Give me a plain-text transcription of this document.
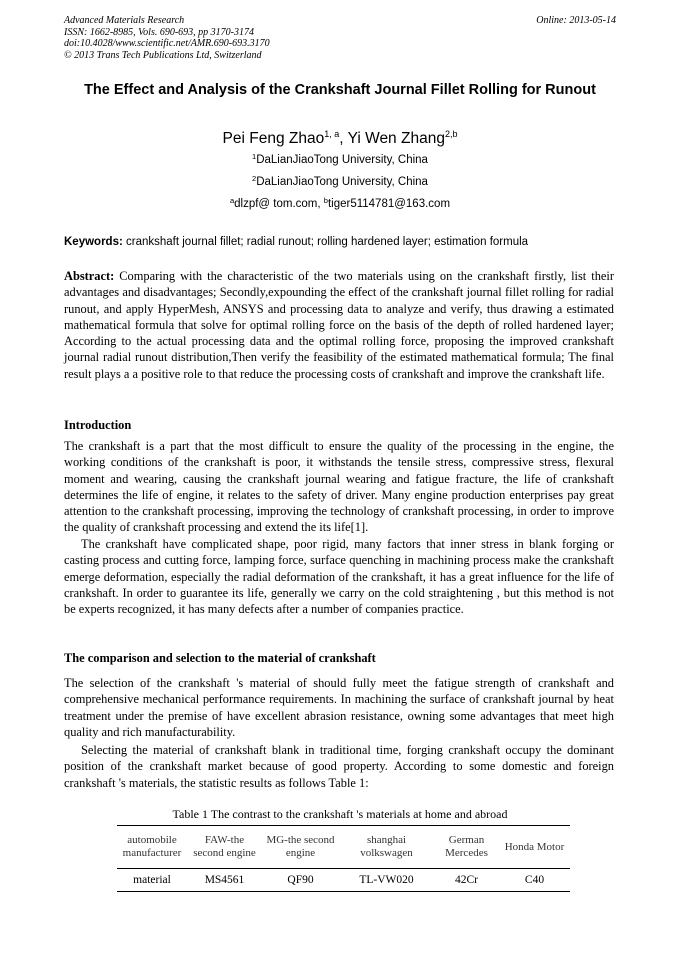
Advanced Materials Research
ISSN: 1662-8985, Vols. 690-693, pp 3170-3174
doi:10.4028/www.scientific.net/AMR.690-693.3170
© 2013 Trans Tech Publications Ltd, Switzerland
Online: 2013-05-14
The Effect and Analysis of the Crankshaft Journal Fillet Rolling for Runout
Pei Feng Zhao$^{1, a}$, Yi Wen Zhang$^{2,b}$
$^1$DaLianJiaoTong University, China
$^2$DaLianJiaoTong University, China
$^a$dlzpf@ tom.com, $^b$tiger5114781@163.com
Keywords: crankshaft journal fillet; radial runout; rolling hardened layer; estimation formula
Abstract: Comparing with the characteristic of the two materials using on the crankshaft firstly, list their advantages and disadvantages; Secondly,expounding the effect of the crankshaft journal fillet rolling for radial runout, and apply HyperMesh, ANSYS and processing data to analyze and verify, thus drawing a estimated mathematical formula that solve for optimal rolling force on the basis of the depth of rolled hardened layer; According to the actual processing data and the optimal rolling force, proposing the improved crankshaft journal radial runout distribution,Then verify the feasibility of the estimated mathematical formula; The final result plays a a positive role to that reduce the processing costs of crankshaft and improve the crankshaft life.
Introduction
The crankshaft is a part that the most difficult to ensure the quality of the processing in the engine, the working conditions of the crankshaft is poor, it withstands the tensile stress, compressive stress, flexural moment and wearing, causing the crankshaft journal wearing and fatigue fracture, the life of crankshaft determines the life of engine, it relates to the safety of driver. Many engine production enterprises pay great attention to the crankshaft processing, improving the technology of crankshaft processing, in order to improve the quality of crankshaft processing and extend the its life[1].
The crankshaft have complicated shape, poor rigid, many factors that inner stress in blank forging or casting process and cutting force, lamping force, surface quenching in machining process make the crankshaft emerge deformation, especially the radial deformation of the crankshaft, it has a great influence for the life of crankshaft. In order to guarantee its life, generally we carry on the cold straightening , but this method is not be experts recognized, it has many defects after a number of companies practice.
The comparison and selection to the material of crankshaft
The selection of the crankshaft 's material of should fully meet the fatigue strength of crankshaft and comprehensive mechanical performance requirements. In machining the surface of crankshaft journal by heat treatment under the premise of have excellent abrasion resistance, owning some advantages that meet high quality and rich manufacturability.
Selecting the material of crankshaft blank in traditional time, forging crankshaft occupy the dominant position of the crankshaft market because of good property. According to some domestic and foreign crankshaft 's materials, the statistic results as follows Table 1:
Table 1 The contrast to the crankshaft 's materials at home and abroad
automobile manufacturer	FAW-the second engine	MG-the second engine	shanghai volkswagen	German Mercedes	Honda Motor
material	MS4561	QF90	TL-VW020	42Cr	C40
